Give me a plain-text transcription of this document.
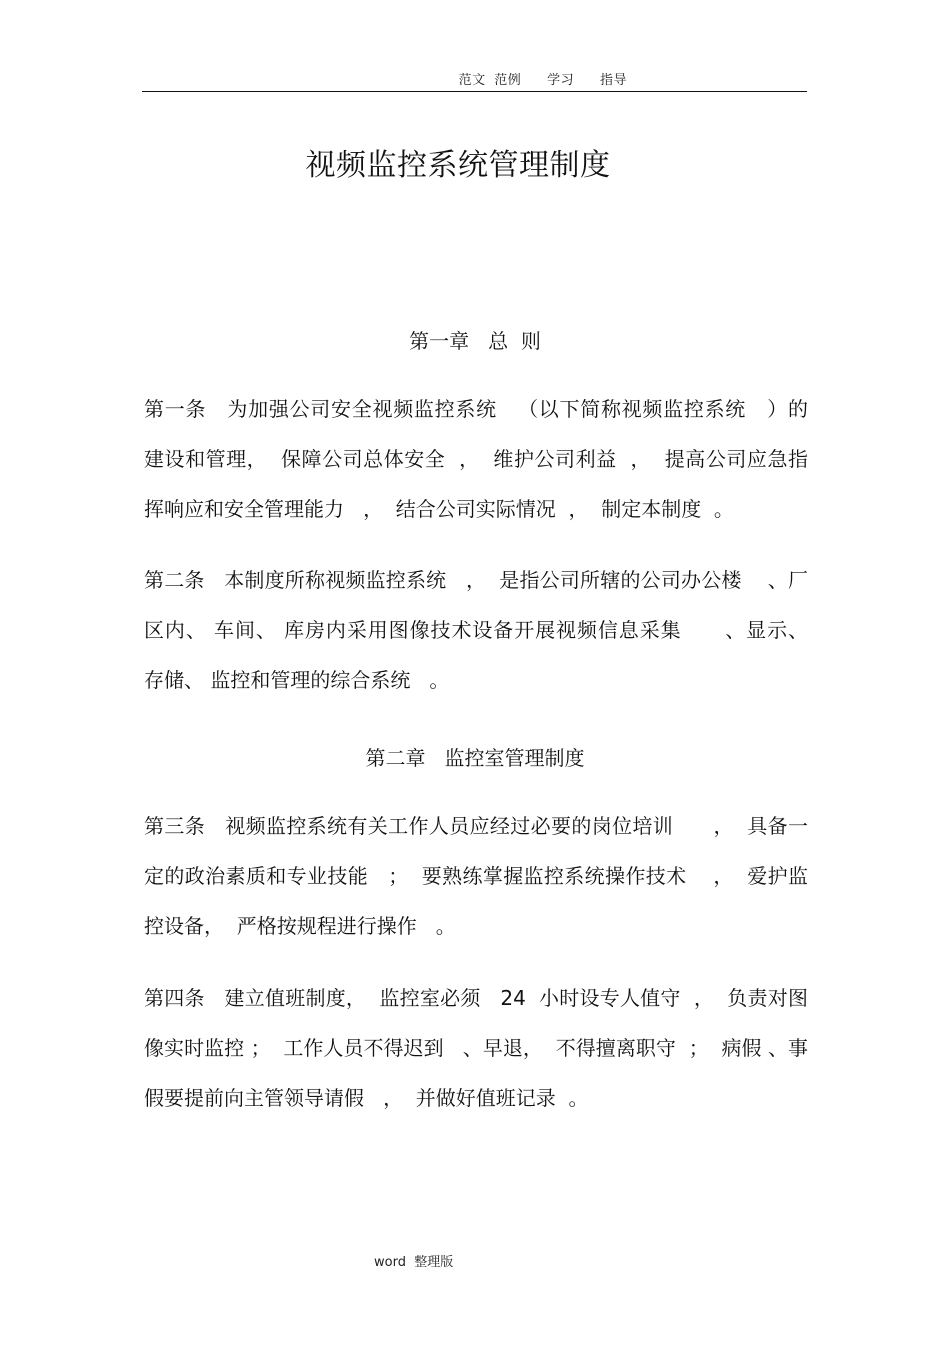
范文 范例   学习   指导
视频监控系统管理制度
第一章   总  则
第一条   为加强公司安全视频监控系统   （以下简称视频监控系统   ）的
建设和管理，  保障公司总体安全  ，  维护公司利益  ，  提高公司应急指
挥响应和安全管理能力   ，  结合公司实际情况  ，  制定本制度  。
第二条   本制度所称视频监控系统   ，  是指公司所辖的公司办公楼    、厂
区内、 车间、 库房内采用图像技术设备开展视频信息采集      、显示、
存储、 监控和管理的综合系统   。
第二章   监控室管理制度
第三条   视频监控系统有关工作人员应经过必要的岗位培训      ，  具备一
定的政治素质和专业技能   ；  要熟练掌握监控系统操作技术    ，  爱护监
控设备，  严格按规程进行操作   。
第四条   建立值班制度，  监控室必须   24  小时设专人值守  ，  负责对图
像实时监控 ；  工作人员不得迟到   、早退，  不得擅离职守  ；  病假 、事
假要提前向主管领导请假   ，  并做好值班记录  。
word  整理版
